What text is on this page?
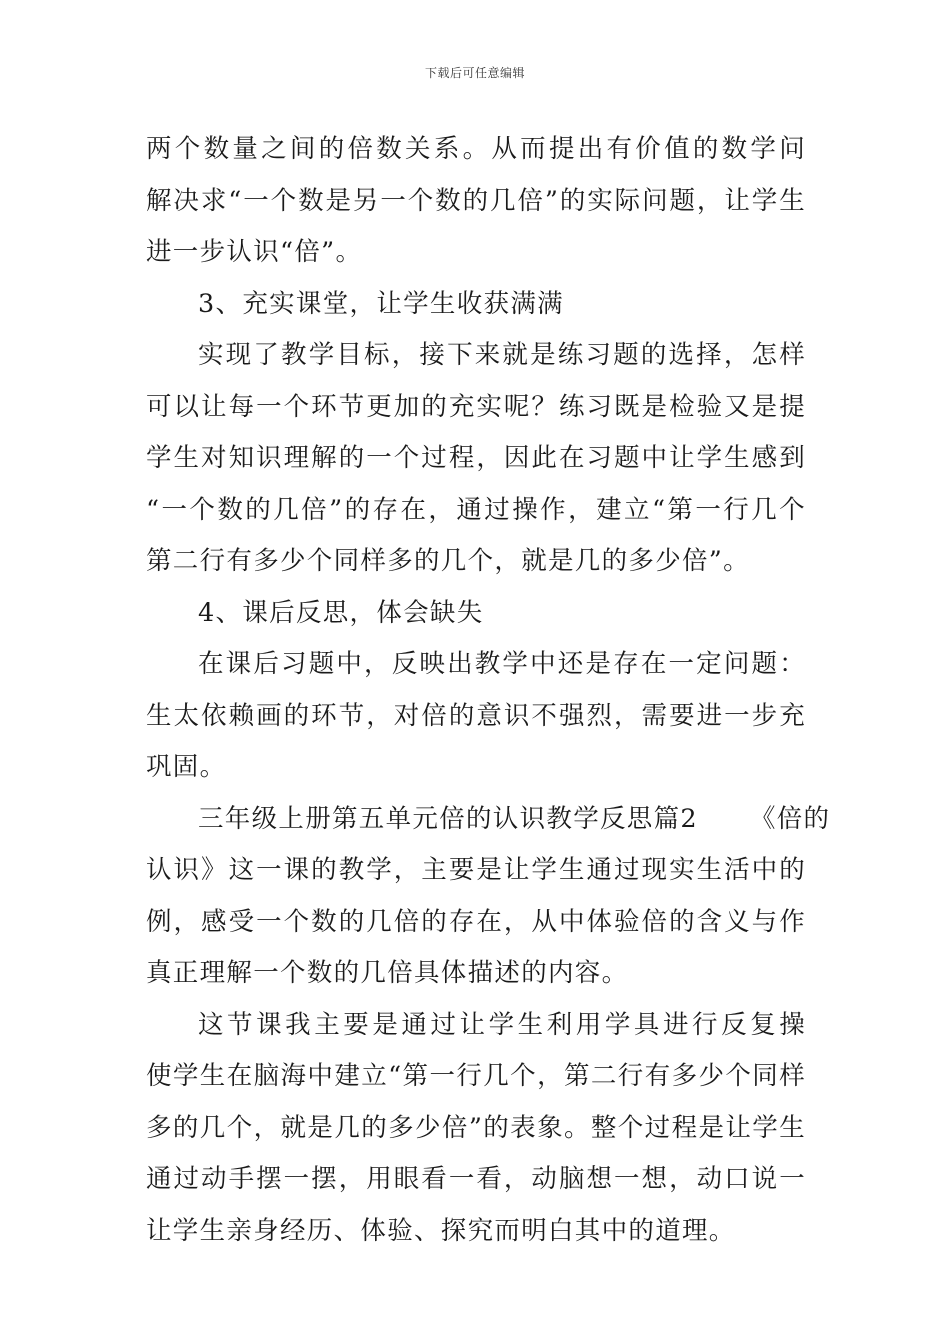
下载后可任意编辑
两个数量之间的倍数关系。从而提出有价值的数学问
解决求“一个数是另一个数的几倍”的实际问题，让学生
进一步认识“倍”。
3、充实课堂，让学生收获满满
实现了教学目标，接下来就是练习题的选择，怎样
可以让每一个环节更加的充实呢？练习既是检验又是提
学生对知识理解的一个过程，因此在习题中让学生感到
“一个数的几倍”的存在，通过操作，建立“第一行几个
第二行有多少个同样多的几个，就是几的多少倍”。
4、课后反思，体会缺失
在课后习题中，反映出教学中还是存在一定问题：
生太依赖画的环节，对倍的意识不强烈，需要进一步充
巩固。
三年级上册第五单元倍的认识教学反思篇2 《倍的
认识》这一课的教学，主要是让学生通过现实生活中的
例，感受一个数的几倍的存在，从中体验倍的含义与作
真正理解一个数的几倍具体描述的内容。
这节课我主要是通过让学生利用学具进行反复操
使学生在脑海中建立“第一行几个，第二行有多少个同样
多的几个，就是几的多少倍”的表象。整个过程是让学生
通过动手摆一摆，用眼看一看，动脑想一想，动口说一
让学生亲身经历、体验、探究而明白其中的道理。
